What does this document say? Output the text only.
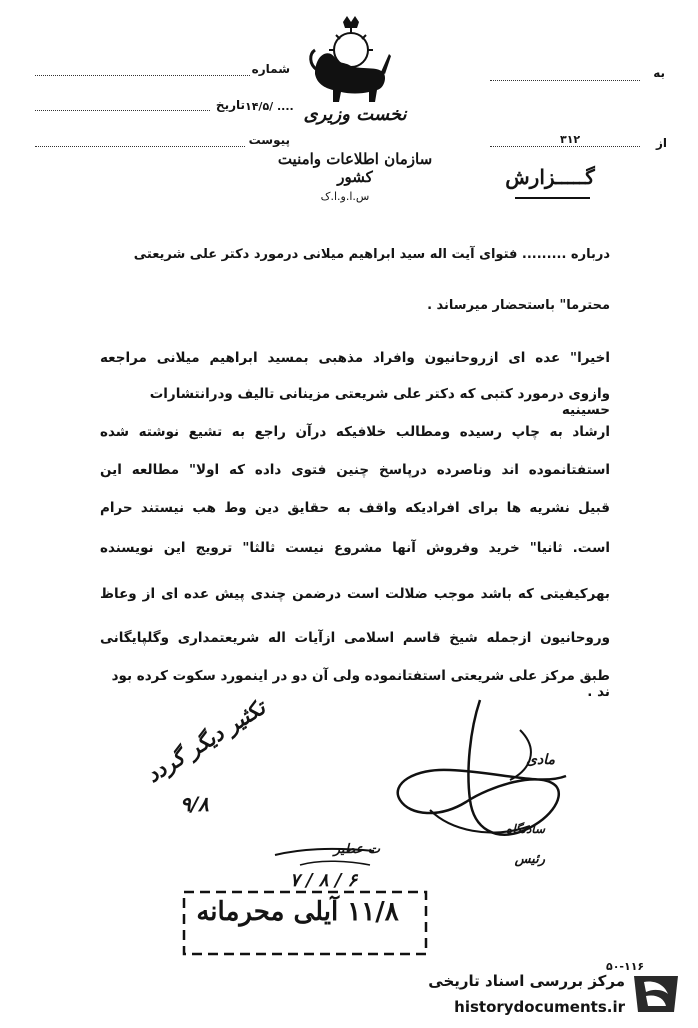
شماره
تاریخ ۱۴/۵/ ....
پیوست
به
از
۳۱۲
نخست وزیری
سازمان اطلاعات وامنیت کشور
س.ا.و.ا.ک
گـــــزارش
درباره ......... فتوای آیت اله سید ابراهیم میلانی درمورد دکتر علی شریعتی
محترما" باستحضار میرساند .
اخیرا" عده ای ازروحانیون وافراد مذهبی بمسید ابراهیم میلانی مراجعه
وازوی درمورد کتبی که دکتر علی شریعتی مزینانی تالیف ودرانتشارات حسینیه
ارشاد به چاپ رسیده ومطالب خلافیکه درآن راجع به تشیع نوشته شده
استفتانموده اند وناصرده درپاسخ چنین فتوی داده که اولا" مطالعه این
قبیل نشریه ها برای افرادیکه واقف به حقایق دین وط هب نیستند حرام
است. ثانیا" خرید وفروش آنها مشروع نیست ثالثا" ترویج این نویسنده
بهرکیفیتی که باشد موجب ضلالت است درضمن چندی پیش عده ای از وعاظ
وروحانیون ازجمله شیخ قاسم اسلامی ازآیات اله شریعتمداری وگلپایگانی
طبق مرکز علی شریعتی استفتانموده ولی آن دو در اینمورد سکوت کرده بود ند .
تکثیر دیگر گردد
۹/۸
مادی
سادنگاه
رئیس
ت عطیر
۷ / ۸ / ۶
۱۱/۸ آیلی محرمانه
۵۰-۱۱۶
مرکز بررسی اسناد تاریخی
historydocuments.ir
